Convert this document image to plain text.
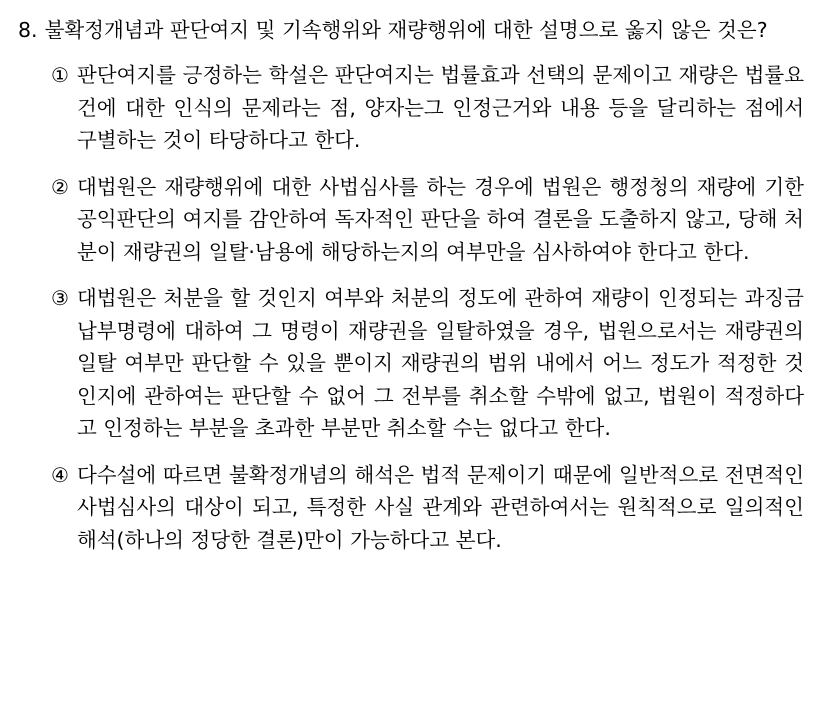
8. 불확정개념과 판단여지 및 기속행위와 재량행위에 대한 설명으로 옳지 않은 것은?
① 판단여지를 긍정하는 학설은 판단여지는 법률효과 선택의 문제이고 재량은 법률요건에 대한 인식의 문제라는 점, 양자는그 인정근거와 내용 등을 달리하는 점에서 구별하는 것이 타당하다고 한다.
② 대법원은 재량행위에 대한 사법심사를 하는 경우에 법원은 행정청의 재량에 기한 공익판단의 여지를 감안하여 독자적인 판단을 하여 결론을 도출하지 않고, 당해 처분이 재량권의 일탈·남용에 해당하는지의 여부만을 심사하여야 한다고 한다.
③ 대법원은 처분을 할 것인지 여부와 처분의 정도에 관하여 재량이 인정되는 과징금 납부명령에 대하여 그 명령이 재량권을 일탈하였을 경우, 법원으로서는 재량권의 일탈 여부만 판단할 수 있을 뿐이지 재량권의 범위 내에서 어느 정도가 적정한 것인지에 관하여는 판단할 수 없어 그 전부를 취소할 수밖에 없고, 법원이 적정하다고 인정하는 부분을 초과한 부분만 취소할 수는 없다고 한다.
④ 다수설에 따르면 불확정개념의 해석은 법적 문제이기 때문에 일반적으로 전면적인 사법심사의 대상이 되고, 특정한 사실 관계와 관련하여서는 원칙적으로 일의적인 해석(하나의 정당한 결론)만이 가능하다고 본다.
